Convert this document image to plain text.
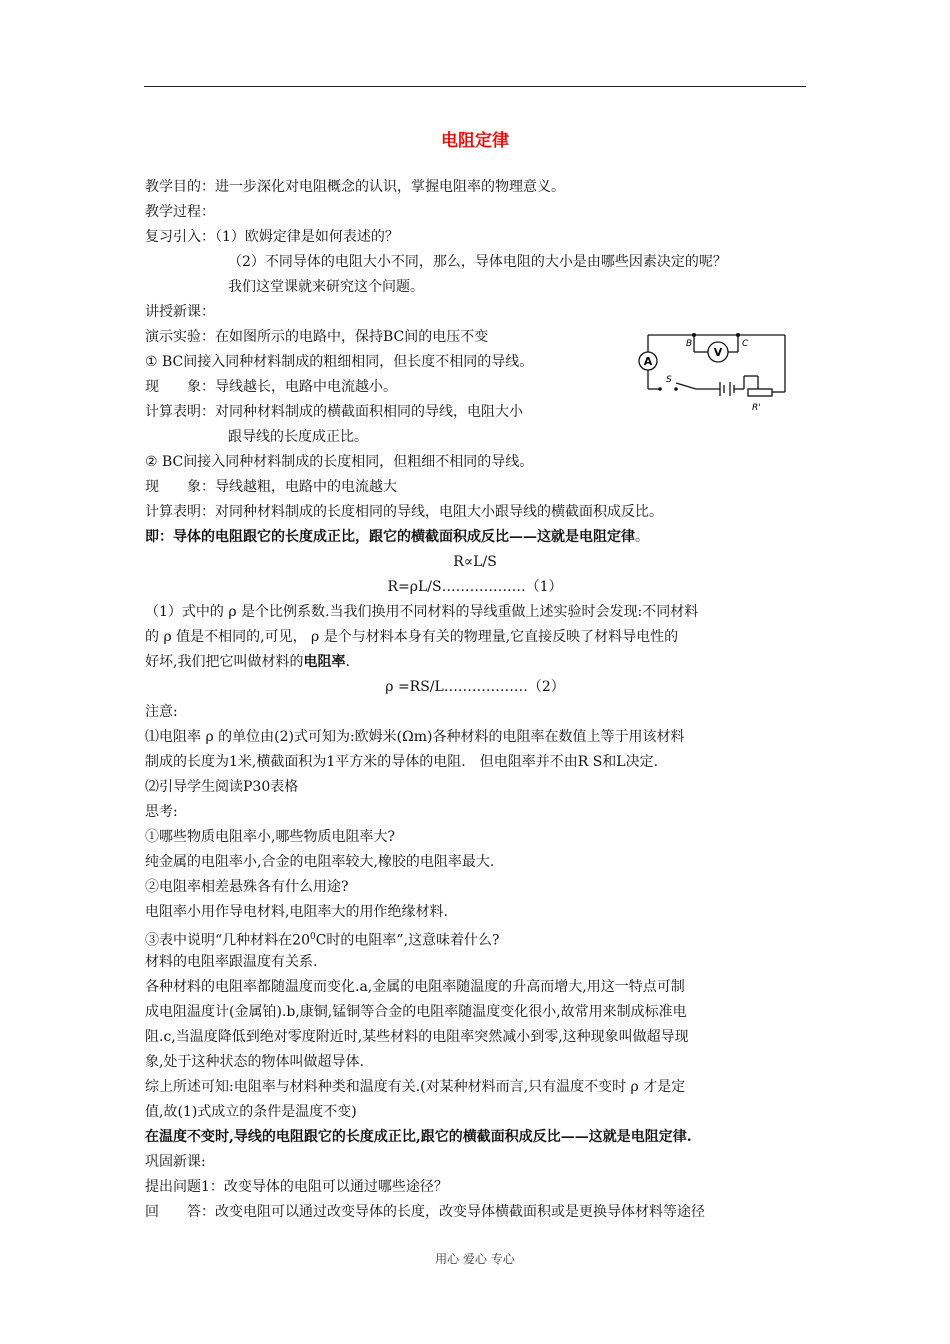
电阻定律
教学目的：进一步深化对电阻概念的认识，掌握电阻率的物理意义。
教学过程：
复习引入：（1）欧姆定律是如何表述的？
（2）不同导体的电阻大小不同，那么，导体电阻的大小是由哪些因素决定的呢？
我们这堂课就来研究这个问题。
讲授新课：
演示实验：在如图所示的电路中，保持BC间的电压不变
① BC间接入同种材料制成的粗细相同，但长度不相同的导线。
现　　象：导线越长，电路中电流越小。
计算表明：对同种材料制成的横截面积相同的导线，电阻大小
跟导线的长度成正比。
② BC间接入同种材料制成的长度相同，但粗细不相同的导线。
现　　象：导线越粗，电路中的电流越大
计算表明：对同种材料制成的长度相同的导线，电阻大小跟导线的横截面积成反比。
即：导体的电阻跟它的长度成正比，跟它的横截面积成反比——这就是电阻定律。
R∝L/S
R=ρL/S………………（1）
（1）式中的 ρ 是个比例系数.当我们换用不同材料的导线重做上述实验时会发现:不同材料
的 ρ 值是不相同的,可见， ρ 是个与材料本身有关的物理量,它直接反映了材料导电性的
好坏,我们把它叫做材料的电阻率.
ρ =RS/L………………（2）
注意:
⑴电阻率 ρ 的单位由(2)式可知为:欧姆米(Ωm)各种材料的电阻率在数值上等于用该材料
制成的长度为1米,横截面积为1平方米的导体的电阻.　但电阻率并不由R S和L决定.
⑵引导学生阅读P30表格
思考:
①哪些物质电阻率小,哪些物质电阻率大?
纯金属的电阻率小,合金的电阻率较大,橡胶的电阻率最大.
②电阻率相差悬殊各有什么用途?
电阻率小用作导电材料,电阻率大的用作绝缘材料.
③表中说明“几种材料在$20^0C$时的电阻率”,这意味着什么?
材料的电阻率跟温度有关系.
各种材料的电阻率都随温度而变化.a,金属的电阻率随温度的升高而增大,用这一特点可制
成电阻温度计(金属铂).b,康铜,锰铜等合金的电阻率随温度变化很小,故常用来制成标准电
阻.c,当温度降低到绝对零度附近时,某些材料的电阻率突然减小到零,这种现象叫做超导现
象,处于这种状态的物体叫做超导体.
综上所述可知:电阻率与材料种类和温度有关.(对某种材料而言,只有温度不变时 ρ 才是定
值,故(1)式成立的条件是温度不变)
在温度不变时,导线的电阻跟它的长度成正比,跟它的横截面积成反比——这就是电阻定律.
巩固新课:
提出问题1：改变导体的电阻可以通过哪些途径？
回　　答：改变电阻可以通过改变导体的长度，改变导体横截面积或是更换导体材料等途径
A
V
B	C
S
R'
用心 爱心 专心
